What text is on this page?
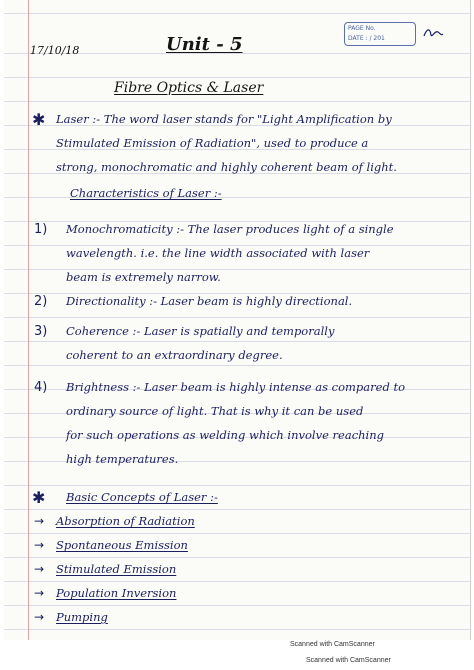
PAGE No.
DATE : / 201
17/10/18	Unit - 5
Fibre Optics & Laser
✱ Laser :- The word laser stands for "Light Amplification by
Stimulated Emission of Radiation", used to produce a
strong, monochromatic and highly coherent beam of light.
Characteristics of Laser :-
1) Monochromaticity :- The laser produces light of a single
wavelength. i.e. the line width associated with laser
beam is extremely narrow.
2) Directionality :- Laser beam is highly directional.
3) Coherence :- Laser is spatially and temporally
coherent to an extraordinary degree.
4) Brightness :- Laser beam is highly intense as compared to
ordinary source of light. That is why it can be used
for such operations as welding which involve reaching
high temperatures.
✱ Basic Concepts of Laser :-
→ Absorption of Radiation
→ Spontaneous Emission
→ Stimulated Emission
→ Population Inversion
→ Pumping
Scanned with CamScanner
Scanned with CamScanner
